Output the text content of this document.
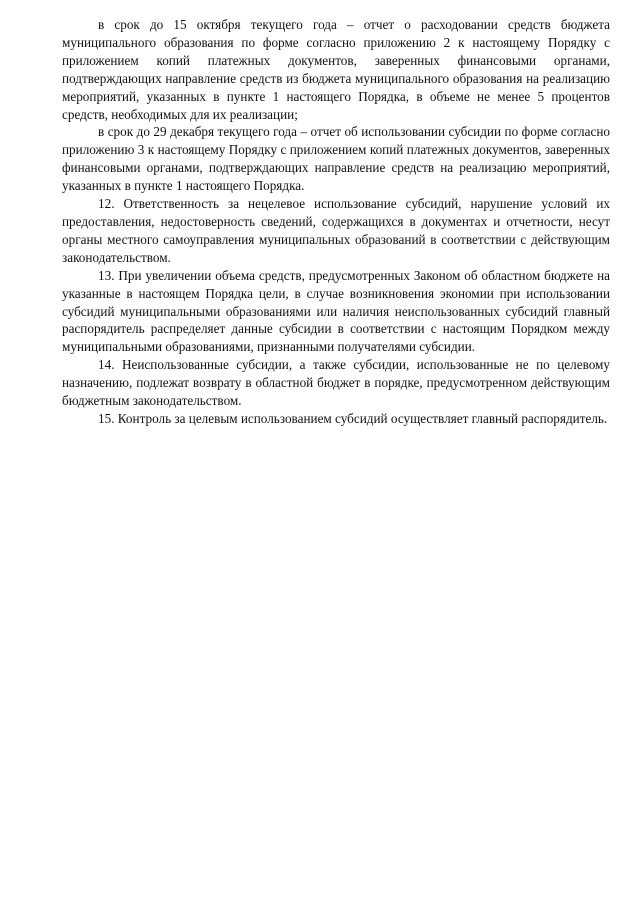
в срок до 15 октября текущего года – отчет о расходовании средств бюджета муниципального образования по форме согласно приложению 2 к настоящему Порядку с приложением копий платежных документов, заверенных финансовыми органами, подтверждающих направление средств из бюджета муниципального образования на реализацию мероприятий, указанных в пункте 1 настоящего Порядка, в объеме не менее 5 процентов средств, необходимых для их реализации;

в срок до 29 декабря текущего года – отчет об использовании субсидии по форме согласно приложению 3 к настоящему Порядку с приложением копий платежных документов, заверенных финансовыми органами, подтверждающих направление средств на реализацию мероприятий, указанных в пункте 1 настоящего Порядка.

12. Ответственность за нецелевое использование субсидий, нарушение условий их предоставления, недостоверность сведений, содержащихся в документах и отчетности, несут органы местного самоуправления муниципальных образований в соответствии с действующим законодательством.

13. При увеличении объема средств, предусмотренных Законом об областном бюджете на указанные в настоящем Порядка цели, в случае возникновения экономии при использовании субсидий муниципальными образованиями или наличия неиспользованных субсидий главный распорядитель распределяет данные субсидии в соответствии с настоящим Порядком между муниципальными образованиями, признанными получателями субсидии.

14. Неиспользованные субсидии, а также субсидии, использованные не по целевому назначению, подлежат возврату в областной бюджет в порядке, предусмотренном действующим бюджетным законодательством.

15. Контроль за целевым использованием субсидий осуществляет главный распорядитель.
